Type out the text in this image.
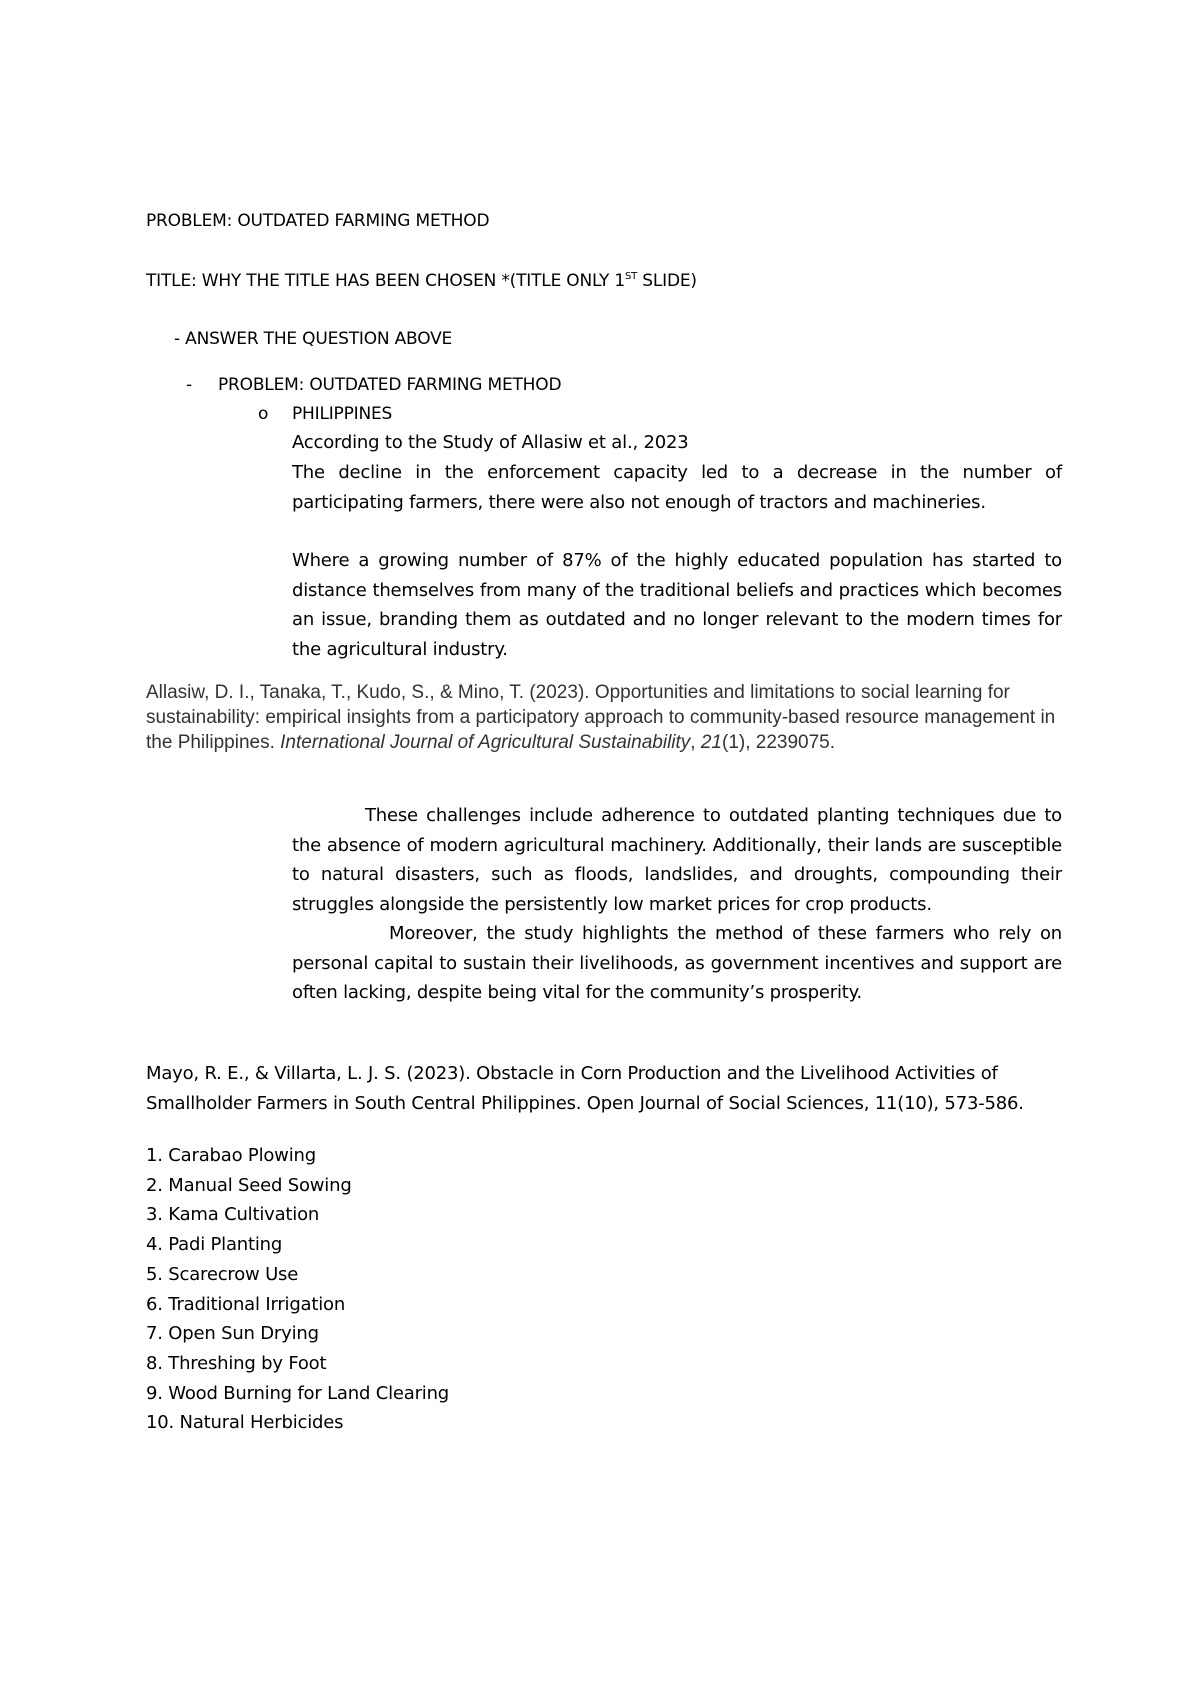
PROBLEM: OUTDATED FARMING METHOD
TITLE: WHY THE TITLE HAS BEEN CHOSEN *(TITLE ONLY 1ST SLIDE)
- ANSWER THE QUESTION ABOVE
- PROBLEM: OUTDATED FARMING METHOD
o PHILIPPINES
According to the Study of Allasiw et al., 2023

The decline in the enforcement capacity led to a decrease in the number of participating farmers, there were also not enough of tractors and machineries.

Where a growing number of 87% of the highly educated population has started to distance themselves from many of the traditional beliefs and practices which becomes an issue, branding them as outdated and no longer relevant to the modern times for the agricultural industry.

Allasiw, D. I., Tanaka, T., Kudo, S., & Mino, T. (2023). Opportunities and limitations to social learning for sustainability: empirical insights from a participatory approach to community-based resource management in the Philippines. International Journal of Agricultural Sustainability, 21(1), 2239075.

These challenges include adherence to outdated planting techniques due to the absence of modern agricultural machinery. Additionally, their lands are susceptible to natural disasters, such as floods, landslides, and droughts, compounding their struggles alongside the persistently low market prices for crop products.

Moreover, the study highlights the method of these farmers who rely on personal capital to sustain their livelihoods, as government incentives and support are often lacking, despite being vital for the community’s prosperity.

Mayo, R. E., & Villarta, L. J. S. (2023). Obstacle in Corn Production and the Livelihood Activities of Smallholder Farmers in South Central Philippines. Open Journal of Social Sciences, 11(10), 573-586.
1. Carabao Plowing
2. Manual Seed Sowing
3. Kama Cultivation
4. Padi Planting
5. Scarecrow Use
6. Traditional Irrigation
7. Open Sun Drying
8. Threshing by Foot
9. Wood Burning for Land Clearing
10. Natural Herbicides
